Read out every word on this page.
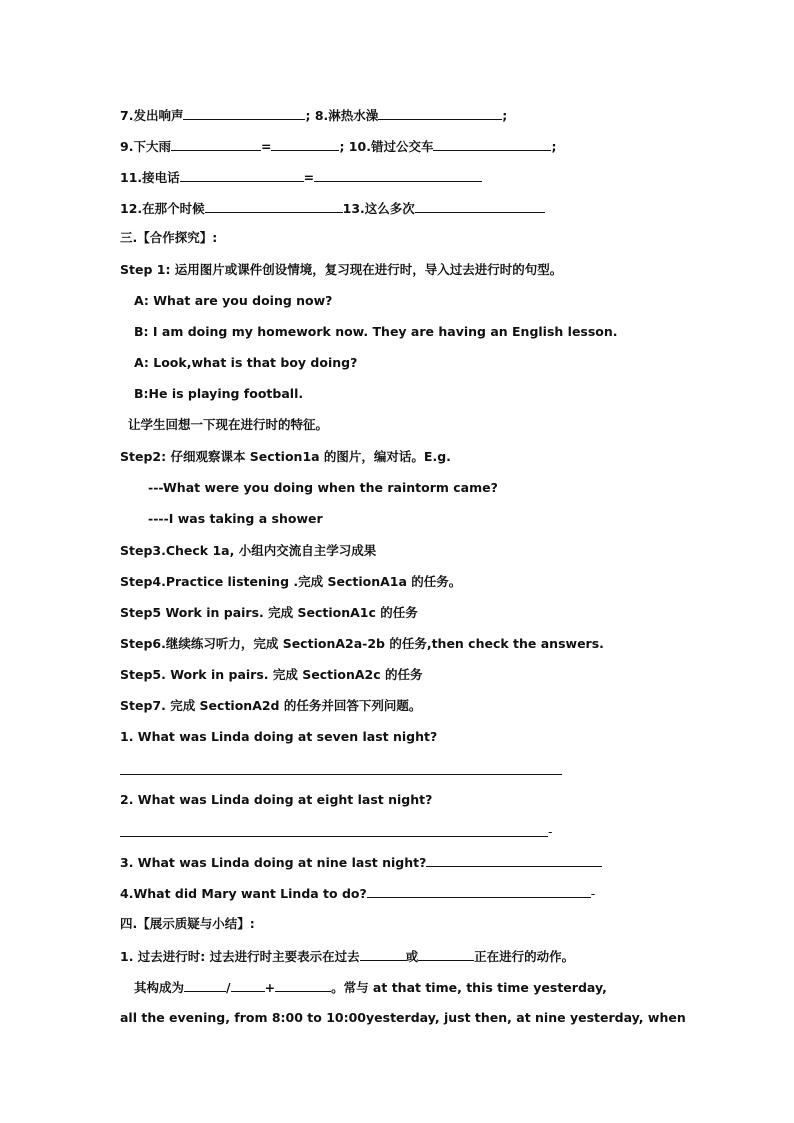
7.发出响声	; 8.淋热水澡	;
9.下大雨	=	; 10.错过公交车	;
11.接电话	=
12.在那个时候	13.这么多次
三.【合作探究】:
Step 1: 运用图片或课件创设情境，复习现在进行时，导入过去进行时的句型。
A: What are you doing now?
B: I am doing my homework now. They are having an English lesson.
A: Look,what is that boy doing?
B:He is playing football.
让学生回想一下现在进行时的特征。
Step2: 仔细观察课本 Section1a 的图片，编对话。E.g.
---What were you doing when the raintorm came?
----I was taking a shower
Step3.Check 1a, 小组内交流自主学习成果
Step4.Practice listening .完成 SectionA1a 的任务。
Step5 Work in pairs. 完成 SectionA1c 的任务
Step6.继续练习听力，完成 SectionA2a-2b 的任务,then check the answers.
Step5. Work in pairs. 完成 SectionA2c 的任务
Step7. 完成 SectionA2d 的任务并回答下列问题。
1. What was Linda doing at seven last night?
2. What was Linda doing at eight last night?
-
3. What was Linda doing at nine last night?
4.What did Mary want Linda to do?	-
四.【展示质疑与小结】:
1. 过去进行时: 过去进行时主要表示在过去	或	正在进行的动作。
其构成为	/	+	。常与 at that time, this time yesterday,
all the evening, from 8:00 to 10:00yesterday, just then, at nine yesterday, when
